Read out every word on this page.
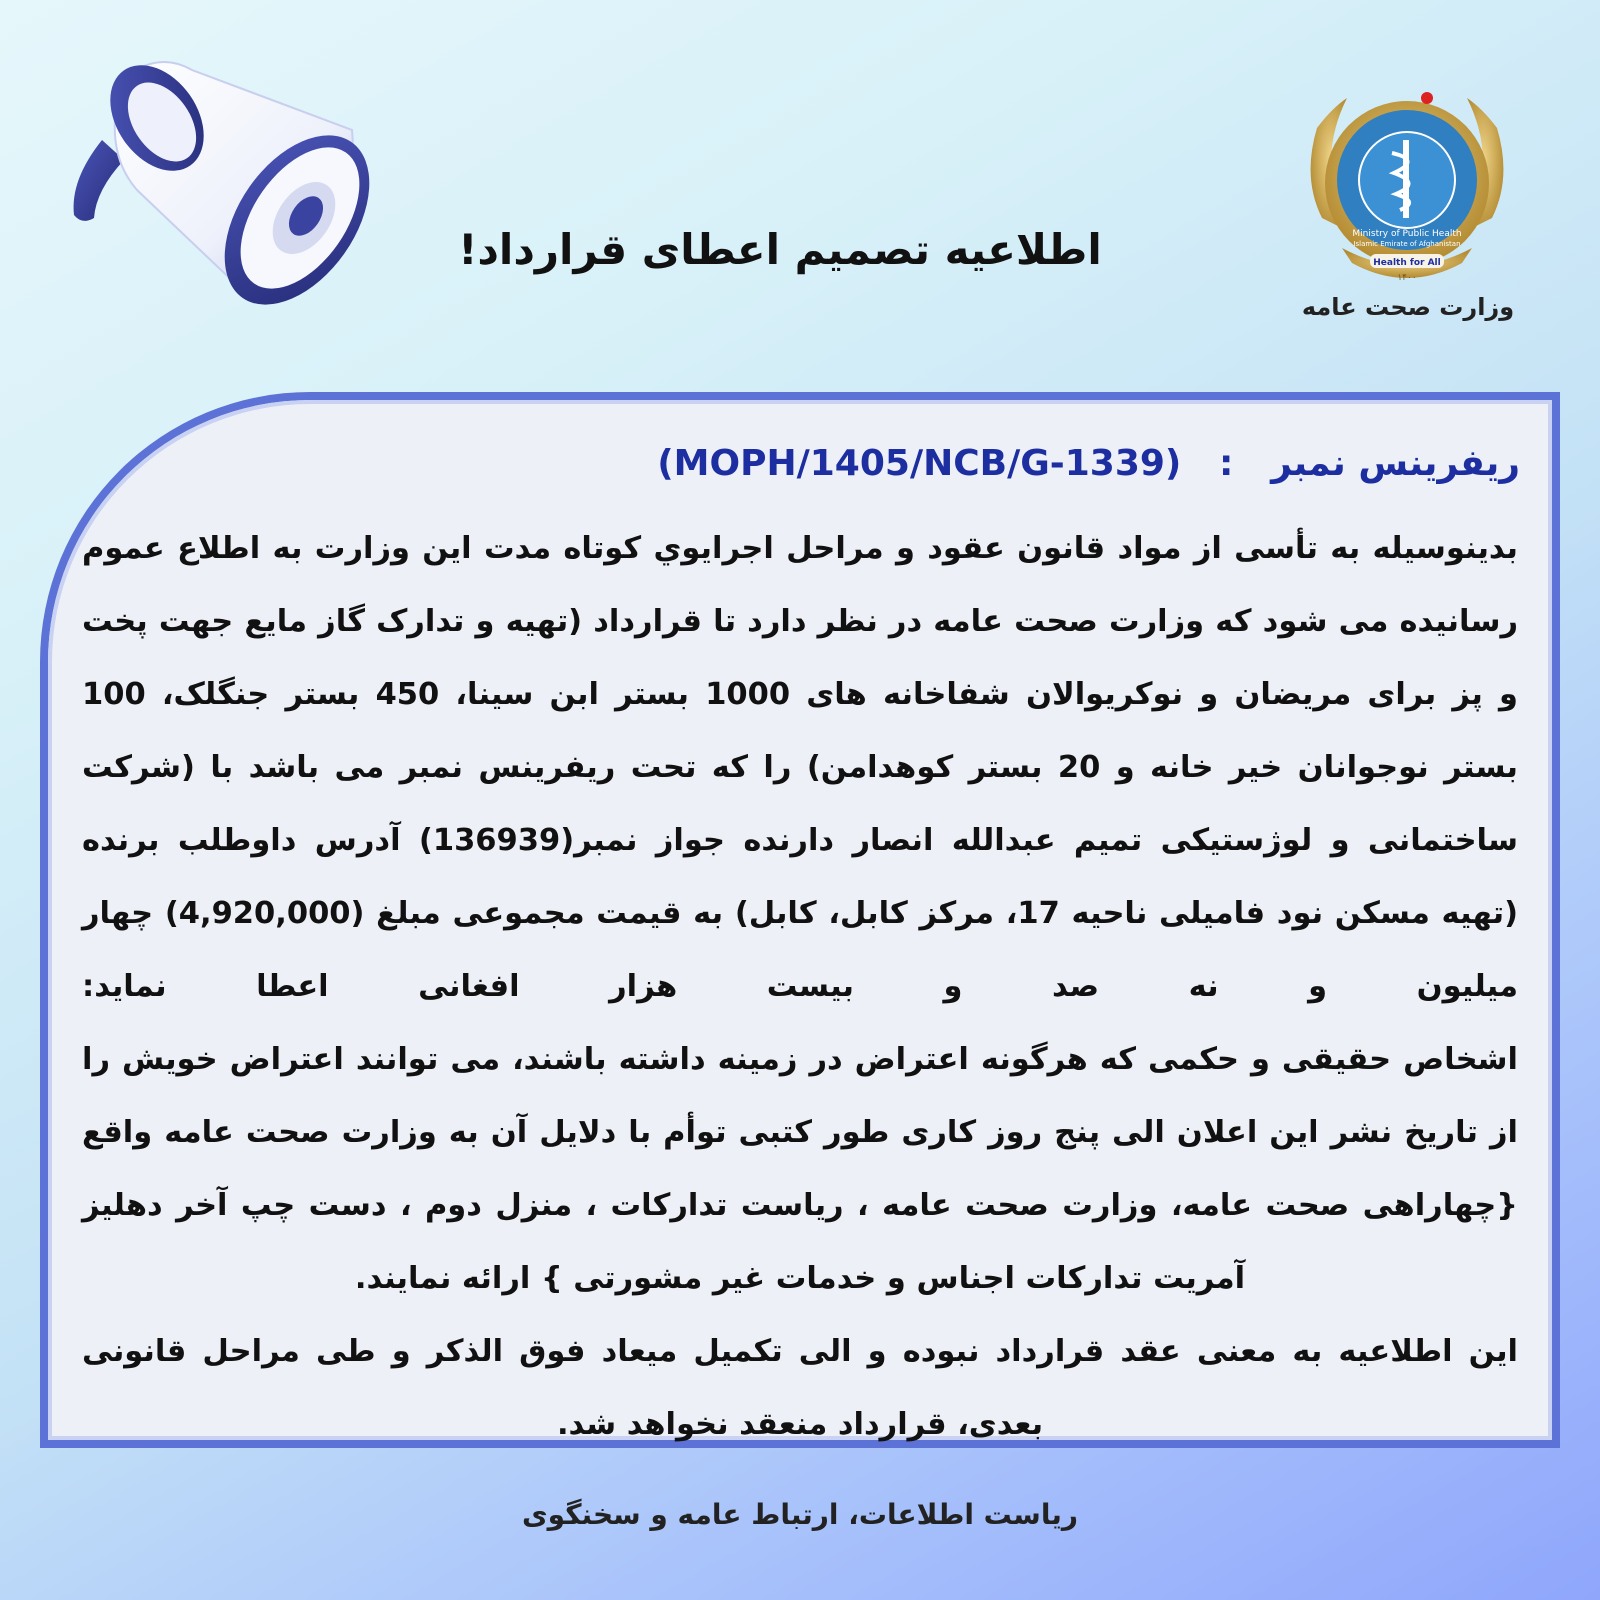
اطلاعیه تصمیم اعطای قرارداد!	Ministry of Public Health
Islamic Emirate of Afghanistan
Health for All
۱۴۰۰
وزارت صحت عامه
ریفرینس نمبر   :   (MOPH/1405/NCB/G-1339)

بدینوسیله به تأسی از مواد قانون عقود و مراحل اجرایوي کوتاه مدت این وزارت به اطلاع عموم رسانیده می شود که وزارت صحت عامه در نظر دارد تا قرارداد (تهیه و تدارک گاز مایع جهت پخت و پز برای مریضان و نوکریوالان شفاخانه های 1000 بستر ابن سینا، 450 بستر جنگلک، 100 بستر نوجوانان خیر خانه و 20 بستر کوهدامن) را که تحت ریفرینس نمبر می باشد با (شرکت ساختمانی و لوژستیکی تمیم عبدالله انصار دارنده جواز نمبر(136939) آدرس داوطلب برنده (تهیه مسکن نود فامیلی ناحیه 17، مرکز کابل، کابل) به قیمت مجموعی مبلغ (4,920,000) چهار میلیون و نه صد و بیست هزار افغانی اعطا نماید:

اشخاص حقیقی و حکمی که هرگونه اعتراض در زمینه داشته باشند، می توانند اعتراض خویش را از تاریخ نشر این اعلان الی پنج روز کاری طور کتبی توأم با دلایل آن به وزارت صحت عامه واقع {چهاراهی صحت عامه، وزارت صحت عامه ، ریاست تدارکات ، منزل دوم ، دست چپ آخر دهلیز آمریت تدارکات اجناس و خدمات غیر مشورتی } ارائه نمایند.

این اطلاعیه به معنی عقد قرارداد نبوده و الی تکمیل میعاد فوق الذکر و طی مراحل قانونی بعدی، قرارداد منعقد نخواهد شد.

ریاست اطلاعات، ارتباط عامه و سخنگوی
